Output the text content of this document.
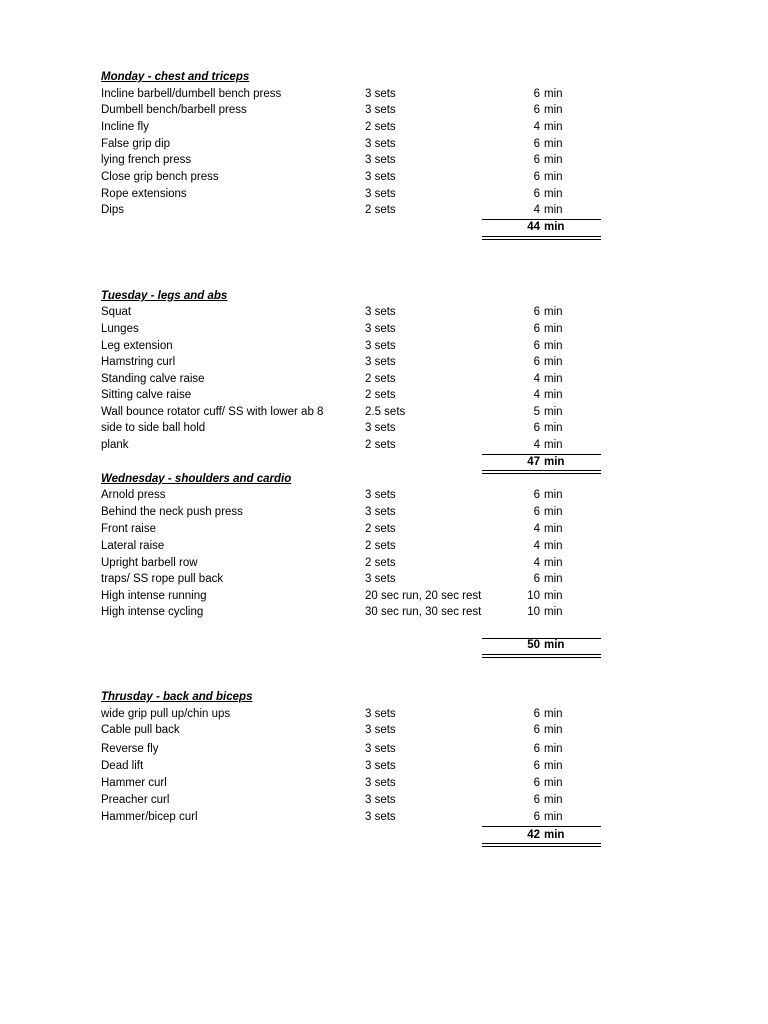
Monday - chest and triceps
Incline barbell/dumbell bench press	3 sets	6 min
Dumbell bench/barbell press	3 sets	6 min
Incline fly	2 sets	4 min
False grip dip	3 sets	6 min
lying french press	3 sets	6 min
Close grip bench press	3 sets	6 min
Rope extensions	3 sets	6 min
Dips	2 sets	4 min
44 min
Tuesday - legs and abs
Squat	3 sets	6 min
Lunges	3 sets	6 min
Leg extension	3 sets	6 min
Hamstring curl	3 sets	6 min
Standing calve raise	2 sets	4 min
Sitting calve raise	2 sets	4 min
Wall bounce rotator cuff/ SS with lower ab 8	2.5 sets	5 min
side to side ball hold	3 sets	6 min
plank	2 sets	4 min
47 min
Wednesday - shoulders and cardio
Arnold press	3 sets	6 min
Behind the neck push press	3 sets	6 min
Front raise	2 sets	4 min
Lateral raise	2 sets	4 min
Upright barbell row	2 sets	4 min
traps/ SS rope pull back	3 sets	6 min
High intense running	20 sec run, 20 sec rest	10 min
High intense cycling	30 sec run, 30 sec rest	10 min
50 min
Thrusday - back and biceps
wide grip pull up/chin ups	3 sets	6 min
Cable pull back	3 sets	6 min
Reverse fly	3 sets	6 min
Dead lift	3 sets	6 min
Hammer curl	3 sets	6 min
Preacher curl	3 sets	6 min
Hammer/bicep curl	3 sets	6 min
42 min
